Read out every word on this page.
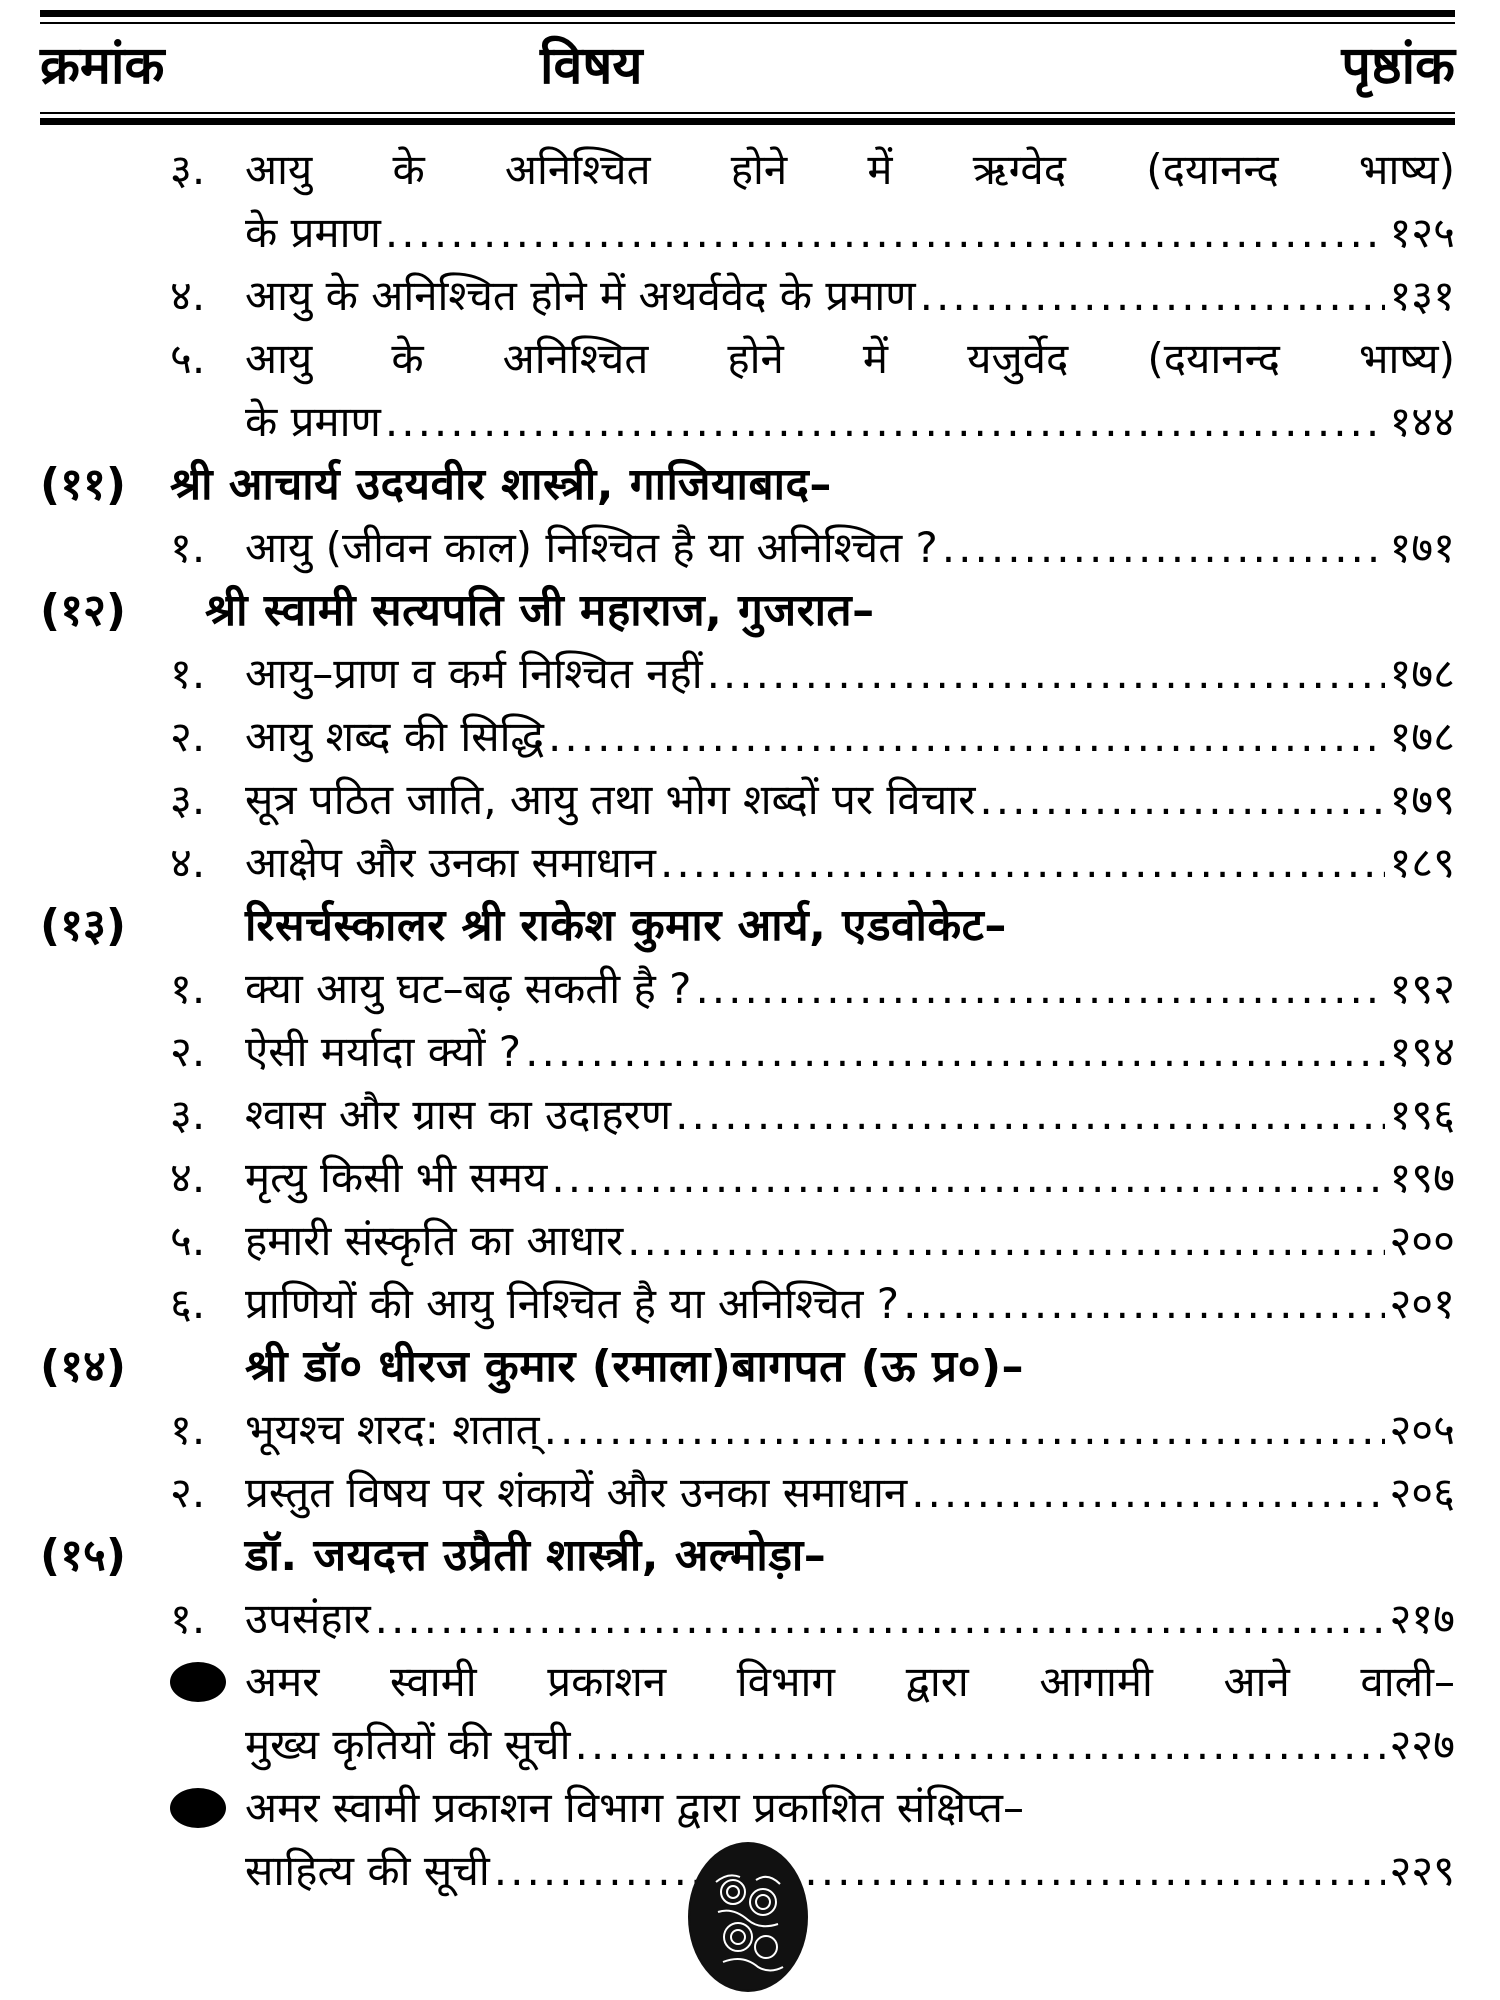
क्रमांक	विषय	पृष्ठांक
३. आयु के अनिश्चित होने में ऋग्वेद (दयानन्द भाष्य)
के प्रमाण .....	१२५
४. आयु के अनिश्चित होने में अथर्ववेद के प्रमाण .....	१३१
५. आयु के अनिश्चित होने में यजुर्वेद (दयानन्द भाष्य)
के प्रमाण .....	१४४
(११) श्री आचार्य उदयवीर शास्त्री, गाजियाबाद–
१. आयु (जीवन काल) निश्चित है या अनिश्चित ? .....	१७१
(१२) श्री स्वामी सत्यपति जी महाराज, गुजरात–
१. आयु–प्राण व कर्म निश्चित नहीं .....	१७८
२. आयु शब्द की सिद्धि .....	१७८
३. सूत्र पठित जाति, आयु तथा भोग शब्दों पर विचार .....	१७९
४. आक्षेप और उनका समाधान .....	१८९
(१३)	रिसर्चस्कालर श्री राकेश कुमार आर्य, एडवोकेट–
१. क्या आयु घट–बढ़ सकती है ? .....	१९२
२. ऐसी मर्यादा क्यों ? .....	१९४
३. श्वास और ग्रास का उदाहरण .....	१९६
४. मृत्यु किसी भी समय .....	१९७
५. हमारी संस्कृति का आधार .....	२००
६. प्राणियों की आयु निश्चित है या अनिश्चित ? .....	२०१
(१४)	श्री डॉ० धीरज कुमार (रमाला)बागपत (ऊ प्र०)–
१. भूयश्च शरद: शतात् .....	२०५
२. प्रस्तुत विषय पर शंकायें और उनका समाधान .....	२०६
(१५)	डॉ. जयदत्त उप्रैती शास्त्री, अल्मोड़ा–
१. उपसंहार .....	२१७
अमर स्वामी प्रकाशन विभाग द्वारा आगामी आने वाली–
मुख्य कृतियों की सूची .....	२२७
अमर स्वामी प्रकाशन विभाग द्वारा प्रकाशित संक्षिप्त–
साहित्य की सूची .....	२२९
